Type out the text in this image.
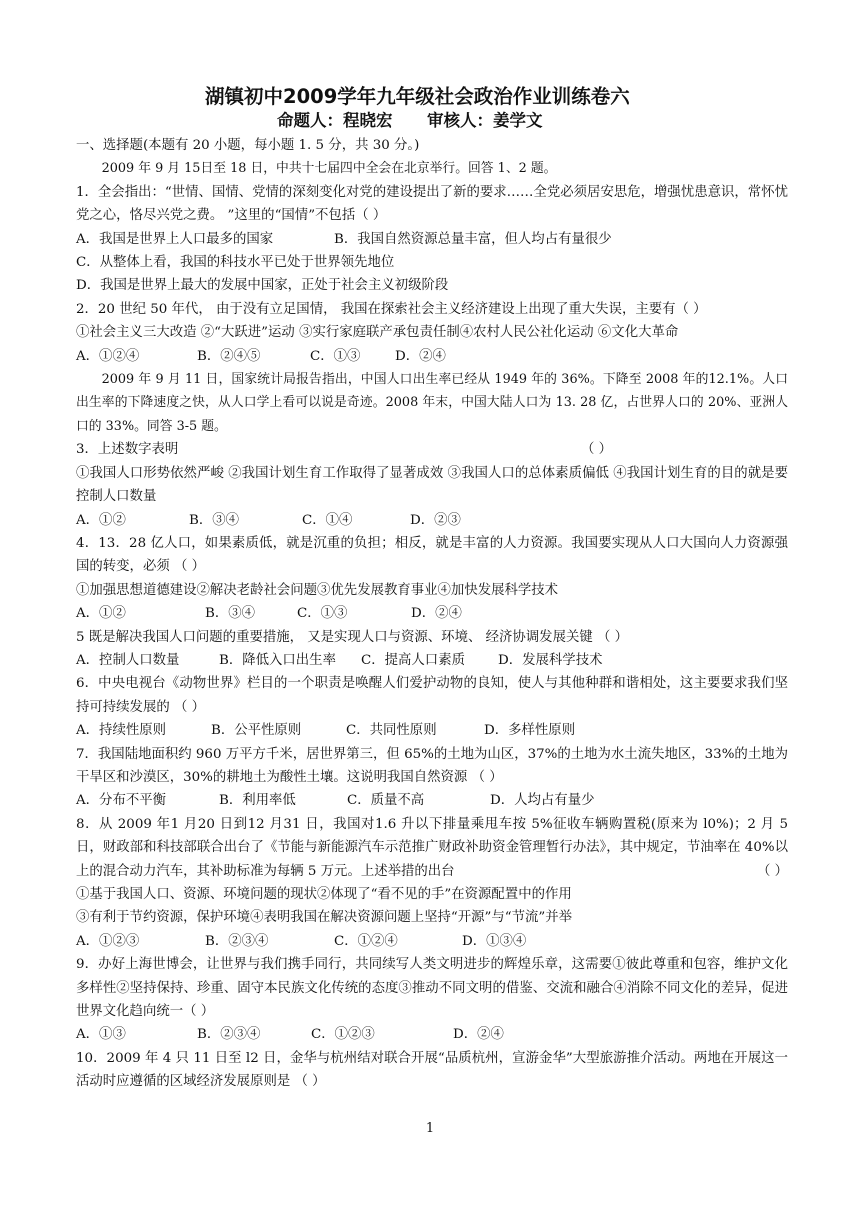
湖镇初中2009学年九年级社会政治作业训练卷六
命题人：程晓宏      审核人：姜学文

一、选择题(本题有 20 小题，每小题 1. 5 分，共 30 分。)

2009 年 9 月 15日至 18 日，中共十七届四中全会在北京举行。回答 1、2 题。

1．全会指出：“世情、国情、党情的深刻变化对党的建设提出了新的要求……全党必须居安思危，增强忧患意识，常怀忧党之心，恪尽兴党之费。 ”这里的“国情”不包括（ ）

A．我国是世界上人口最多的国家	B．我国自然资源总量丰富，但人均占有量很少

C．从整体上看，我国的科技水平已处于世界领先地位

D．我国是世界上最大的发展中国家，正处于社会主义初级阶段

2．20 世纪 50 年代， 由于没有立足国情， 我国在探索社会主义经济建设上出现了重大失误，主要有（ ）

①社会主义三大改造 ②“大跃进”运动 ③实行家庭联产承包责任制④农村人民公社化运动 ⑥文化大革命

A．①②④	B．②④⑤	C．①③	D．②④

2009 年 9 月 11 日，国家统计局报告指出，中国人口出生率已经从 1949 年的 36%。下降至 2008 年的12.1%。人口出生率的下降速度之快，从人口学上看可以说是奇迹。2008 年末，中国大陆人口为 13. 28 亿，占世界人口的 20%、亚洲人口的 33%。同答 3-5 题。

3．上述数字表明	（ ）

①我国人口形势依然严峻 ②我国计划生育工作取得了显著成效 ③我国人口的总体素质偏低 ④我国计划生育的目的就是要控制人口数量

A．①②	B．③④	C．①④	D．②③

4．13．28 亿人口，如果素质低，就是沉重的负担；相反，就是丰富的人力资源。我国要实现从人口大国向人力资源强国的转变，必须 （ ）

①加强思想道德建设②解决老龄社会问题③优先发展教育事业④加快发展科学技术

A．①②	B．③④	C．①③	D．②④

5 既是解决我国人口问题的重要措施， 又是实现人口与资源、环境、 经济协调发展关键 （ ）

A．控制人口数量	B．降低入口出生率	C．提高人口素质	D．发展科学技术

6．中央电视台《动物世界》栏目的一个职责是唤醒人们爱护动物的良知，使人与其他种群和谐相处，这主要要求我们坚持可持续发展的 （ ）

A．持续性原则	B．公平性原则	C．共同性原则	D．多样性原则

7．我国陆地面积约 960 万平方千米，居世界第三，但 65%的土地为山区，37%的土地为水土流失地区，33%的土地为干旱区和沙漠区，30%的耕地土为酸性土壤。这说明我国自然资源 （ ）

A．分布不平衡	B．利用率低	C．质量不高	D．人均占有量少

8．从 2009 年1 月20 日到12 月31 日，我国对1.6 升以下排量乘甩车按 5%征收车辆购置税(原来为 l0%)；2 月 5 日，财政部和科技部联合出台了《节能与新能源汽车示范推广财政补助资金管理暂行办法》，其中规定，节油率在 40%以上的混合动力汽车，其补助标准为每辆 5 万元。上述举措的出台	（ ）

①基于我国人口、资源、环境问题的现状②体现了“看不见的手”在资源配置中的作用

③有利于节约资源，保护环境④表明我国在解决资源问题上坚持“开源”与“节流”并举

A．①②③	B．②③④	C．①②④	D．①③④

9．办好上海世博会，让世界与我们携手同行，共同续写人类文明进步的辉煌乐章，这需要①彼此尊重和包容，维护文化多样性②坚持保持、珍重、固守本民族文化传统的态度③推动不同文明的借鉴、交流和融合④消除不同文化的差异，促进世界文化趋向统一（ ）

A．①③	B．②③④	C．①②③	D．②④

10．2009 年 4 只 11 日至 l2 日，金华与杭州结对联合开展“品质杭州，宣游金华”大型旅游推介活动。两地在开展这一活动时应遵循的区域经济发展原则是 （ ）

1
